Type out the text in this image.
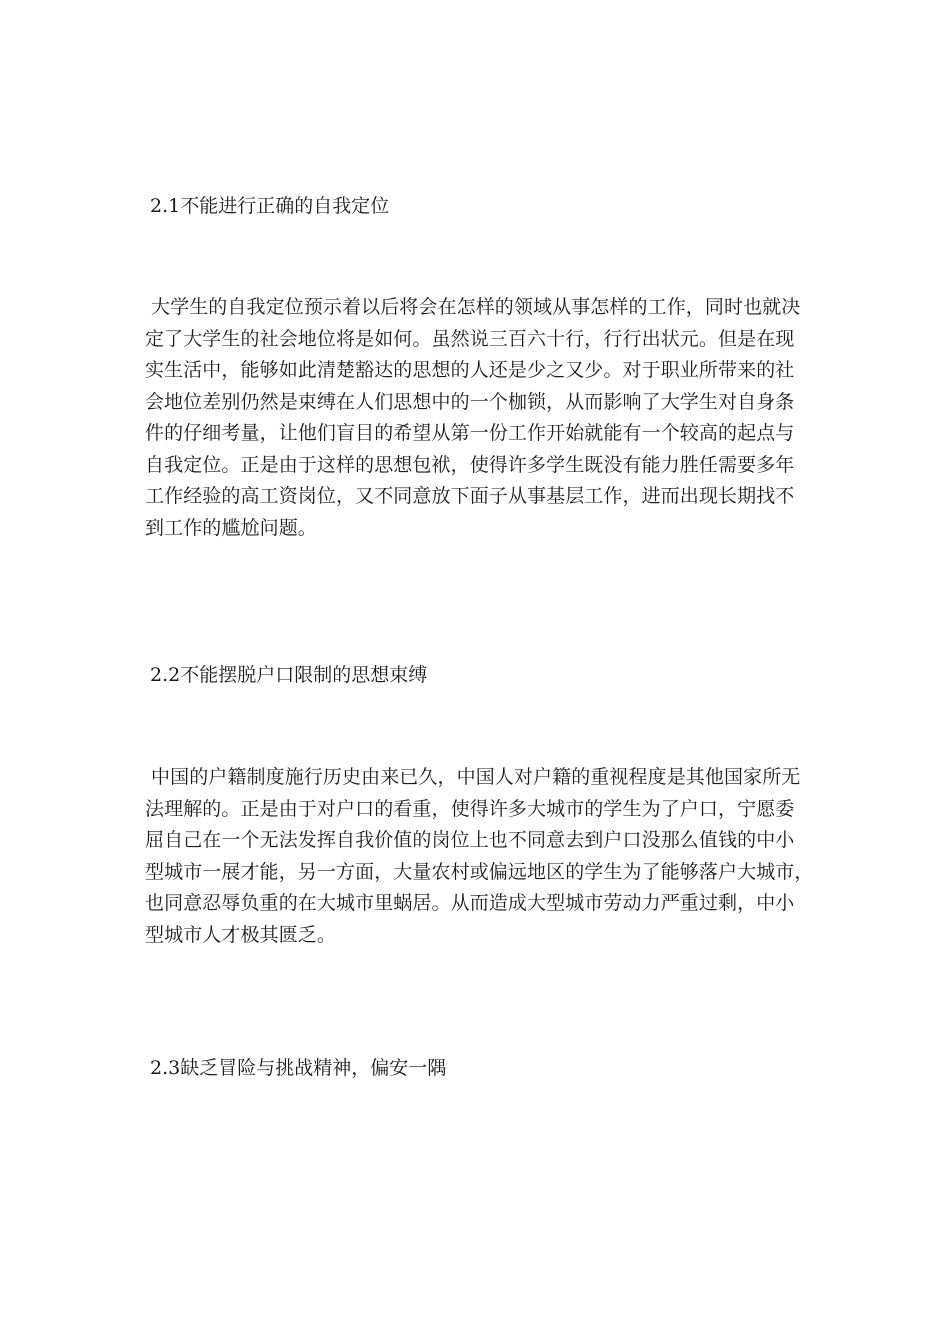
2.1不能进行正确的自我定位
大学生的自我定位预示着以后将会在怎样的领域从事怎样的工作，同时也就决
定了大学生的社会地位将是如何。虽然说三百六十行，行行出状元。但是在现
实生活中，能够如此清楚豁达的思想的人还是少之又少。对于职业所带来的社
会地位差别仍然是束缚在人们思想中的一个枷锁，从而影响了大学生对自身条
件的仔细考量，让他们盲目的希望从第一份工作开始就能有一个较高的起点与
自我定位。正是由于这样的思想包袱，使得许多学生既没有能力胜任需要多年
工作经验的高工资岗位，又不同意放下面子从事基层工作，进而出现长期找不
到工作的尴尬问题。
2.2不能摆脱户口限制的思想束缚
中国的户籍制度施行历史由来已久，中国人对户籍的重视程度是其他国家所无
法理解的。正是由于对户口的看重，使得许多大城市的学生为了户口，宁愿委
屈自己在一个无法发挥自我价值的岗位上也不同意去到户口没那么值钱的中小
型城市一展才能，另一方面，大量农村或偏远地区的学生为了能够落户大城市，
也同意忍辱负重的在大城市里蜗居。从而造成大型城市劳动力严重过剩，中小
型城市人才极其匮乏。
2.3缺乏冒险与挑战精神，偏安一隅
